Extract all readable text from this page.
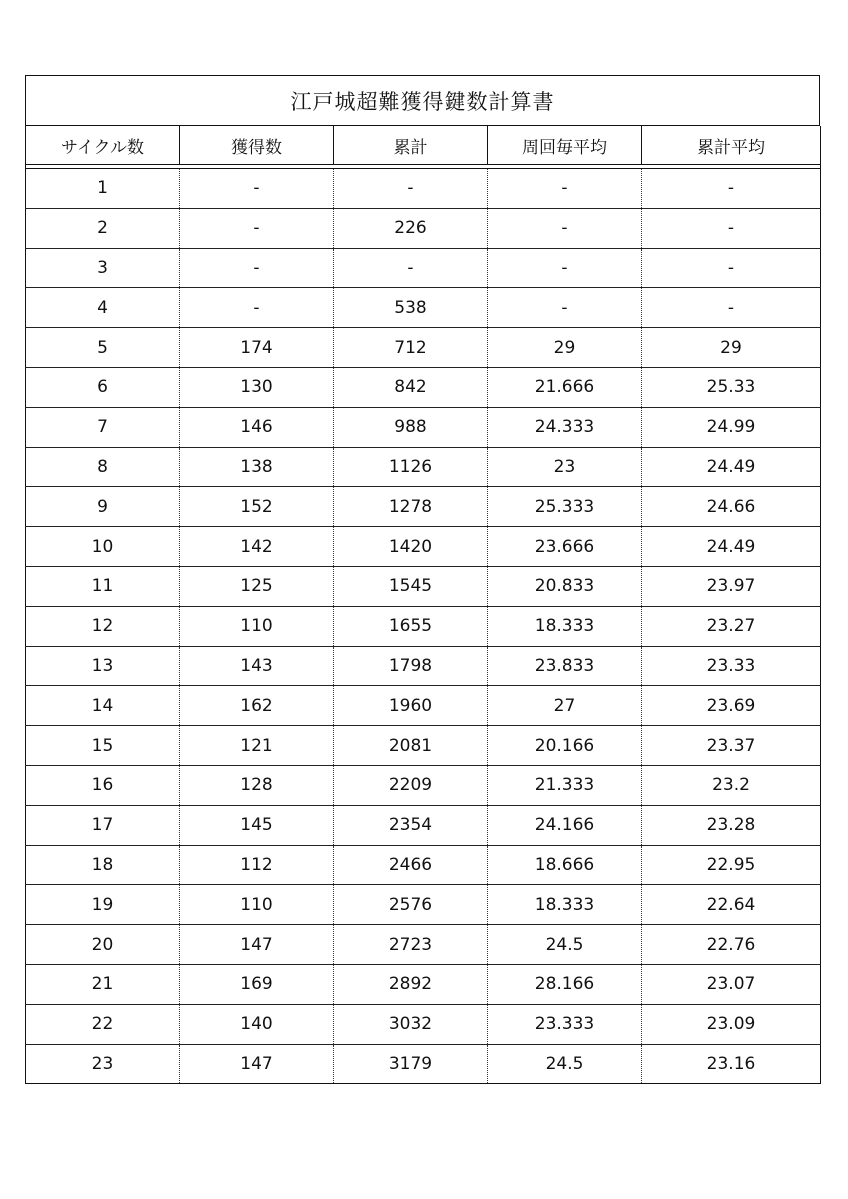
江戸城超難獲得鍵数計算書
サイクル数	獲得数	累計	周回毎平均	累計平均

1	-	-	-	-
2	-	226	-	-
3	-	-	-	-
4	-	538	-	-
5	174	712	29	29
6	130	842	21.666	25.33
7	146	988	24.333	24.99
8	138	1126	23	24.49
9	152	1278	25.333	24.66
10	142	1420	23.666	24.49
11	125	1545	20.833	23.97
12	110	1655	18.333	23.27
13	143	1798	23.833	23.33
14	162	1960	27	23.69
15	121	2081	20.166	23.37
16	128	2209	21.333	23.2
17	145	2354	24.166	23.28
18	112	2466	18.666	22.95
19	110	2576	18.333	22.64
20	147	2723	24.5	22.76
21	169	2892	28.166	23.07
22	140	3032	23.333	23.09
23	147	3179	24.5	23.16
